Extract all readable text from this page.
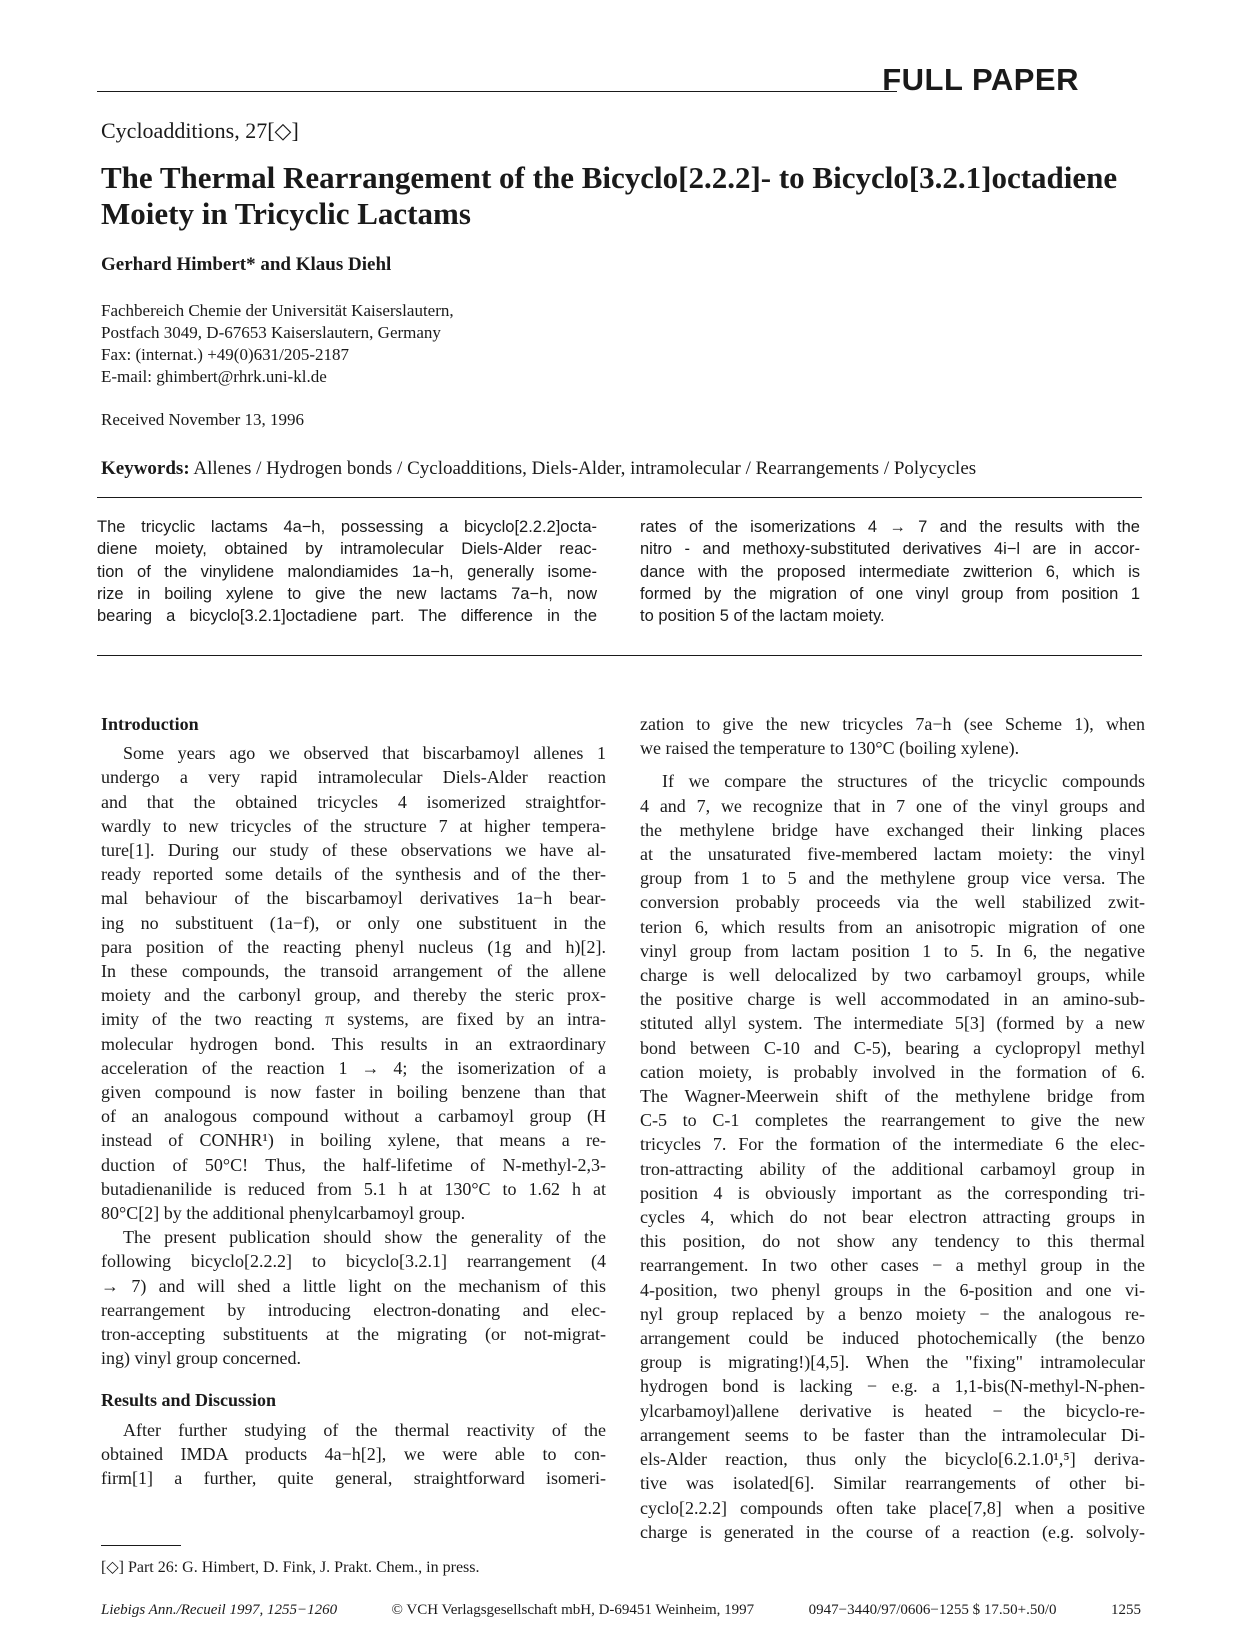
FULL PAPER
Cycloadditions, 27[◇]
The Thermal Rearrangement of the Bicyclo[2.2.2]- to Bicyclo[3.2.1]octadiene Moiety in Tricyclic Lactams
Gerhard Himbert* and Klaus Diehl
Fachbereich Chemie der Universität Kaiserslautern,
Postfach 3049, D-67653 Kaiserslautern, Germany
Fax: (internat.) +49(0)631/205-2187
E-mail: ghimbert@rhrk.uni-kl.de
Received November 13, 1996
Keywords: Allenes / Hydrogen bonds / Cycloadditions, Diels-Alder, intramolecular / Rearrangements / Polycycles
The tricyclic lactams 4a−h, possessing a bicyclo[2.2.2]octa-
diene moiety, obtained by intramolecular Diels-Alder reac-
tion of the vinylidene malondiamides 1a−h, generally isome-
rize in boiling xylene to give the new lactams 7a−h, now
bearing a bicyclo[3.2.1]octadiene part. The difference in the
rates of the isomerizations 4 → 7 and the results with the
nitro - and methoxy-substituted derivatives 4i−l are in accor-
dance with the proposed intermediate zwitterion 6, which is
formed by the migration of one vinyl group from position 1
to position 5 of the lactam moiety.
Introduction
Some years ago we observed that biscarbamoyl allenes 1
undergo a very rapid intramolecular Diels-Alder reaction
and that the obtained tricycles 4 isomerized straightfor-
wardly to new tricycles of the structure 7 at higher tempera-
ture[1]. During our study of these observations we have al-
ready reported some details of the synthesis and of the ther-
mal behaviour of the biscarbamoyl derivatives 1a−h bear-
ing no substituent (1a−f), or only one substituent in the
para position of the reacting phenyl nucleus (1g and h)[2].
In these compounds, the transoid arrangement of the allene
moiety and the carbonyl group, and thereby the steric prox-
imity of the two reacting π systems, are fixed by an intra-
molecular hydrogen bond. This results in an extraordinary
acceleration of the reaction 1 → 4; the isomerization of a
given compound is now faster in boiling benzene than that
of an analogous compound without a carbamoyl group (H
instead of CONHR¹) in boiling xylene, that means a re-
duction of 50°C! Thus, the half-lifetime of N-methyl-2,3-
butadienanilide is reduced from 5.1 h at 130°C to 1.62 h at
80°C[2] by the additional phenylcarbamoyl group.
The present publication should show the generality of the
following bicyclo[2.2.2] to bicyclo[3.2.1] rearrangement (4
→ 7) and will shed a little light on the mechanism of this
rearrangement by introducing electron-donating and elec-
tron-accepting substituents at the migrating (or not-migrat-
ing) vinyl group concerned.
Results and Discussion
After further studying of the thermal reactivity of the
obtained IMDA products 4a−h[2], we were able to con-
firm[1] a further, quite general, straightforward isomeri-
zation to give the new tricycles 7a−h (see Scheme 1), when
we raised the temperature to 130°C (boiling xylene).
If we compare the structures of the tricyclic compounds
4 and 7, we recognize that in 7 one of the vinyl groups and
the methylene bridge have exchanged their linking places
at the unsaturated five-membered lactam moiety: the vinyl
group from 1 to 5 and the methylene group vice versa. The
conversion probably proceeds via the well stabilized zwit-
terion 6, which results from an anisotropic migration of one
vinyl group from lactam position 1 to 5. In 6, the negative
charge is well delocalized by two carbamoyl groups, while
the positive charge is well accommodated in an amino-sub-
stituted allyl system. The intermediate 5[3] (formed by a new
bond between C-10 and C-5), bearing a cyclopropyl methyl
cation moiety, is probably involved in the formation of 6.
The Wagner-Meerwein shift of the methylene bridge from
C-5 to C-1 completes the rearrangement to give the new
tricycles 7. For the formation of the intermediate 6 the elec-
tron-attracting ability of the additional carbamoyl group in
position 4 is obviously important as the corresponding tri-
cycles 4, which do not bear electron attracting groups in
this position, do not show any tendency to this thermal
rearrangement. In two other cases − a methyl group in the
4-position, two phenyl groups in the 6-position and one vi-
nyl group replaced by a benzo moiety − the analogous re-
arrangement could be induced photochemically (the benzo
group is migrating!)[4,5]. When the "fixing" intramolecular
hydrogen bond is lacking − e.g. a 1,1-bis(N-methyl-N-phen-
ylcarbamoyl)allene derivative is heated − the bicyclo-re-
arrangement seems to be faster than the intramolecular Di-
els-Alder reaction, thus only the bicyclo[6.2.1.0¹,⁵] deriva-
tive was isolated[6]. Similar rearrangements of other bi-
cyclo[2.2.2] compounds often take place[7,8] when a positive
charge is generated in the course of a reaction (e.g. solvoly-
[◇] Part 26: G. Himbert, D. Fink, J. Prakt. Chem., in press.
Liebigs Ann./Recueil 1997, 1255−1260	© VCH Verlagsgesellschaft mbH, D-69451 Weinheim, 1997	0947−3440/97/0606−1255 $ 17.50+.50/0	1255
